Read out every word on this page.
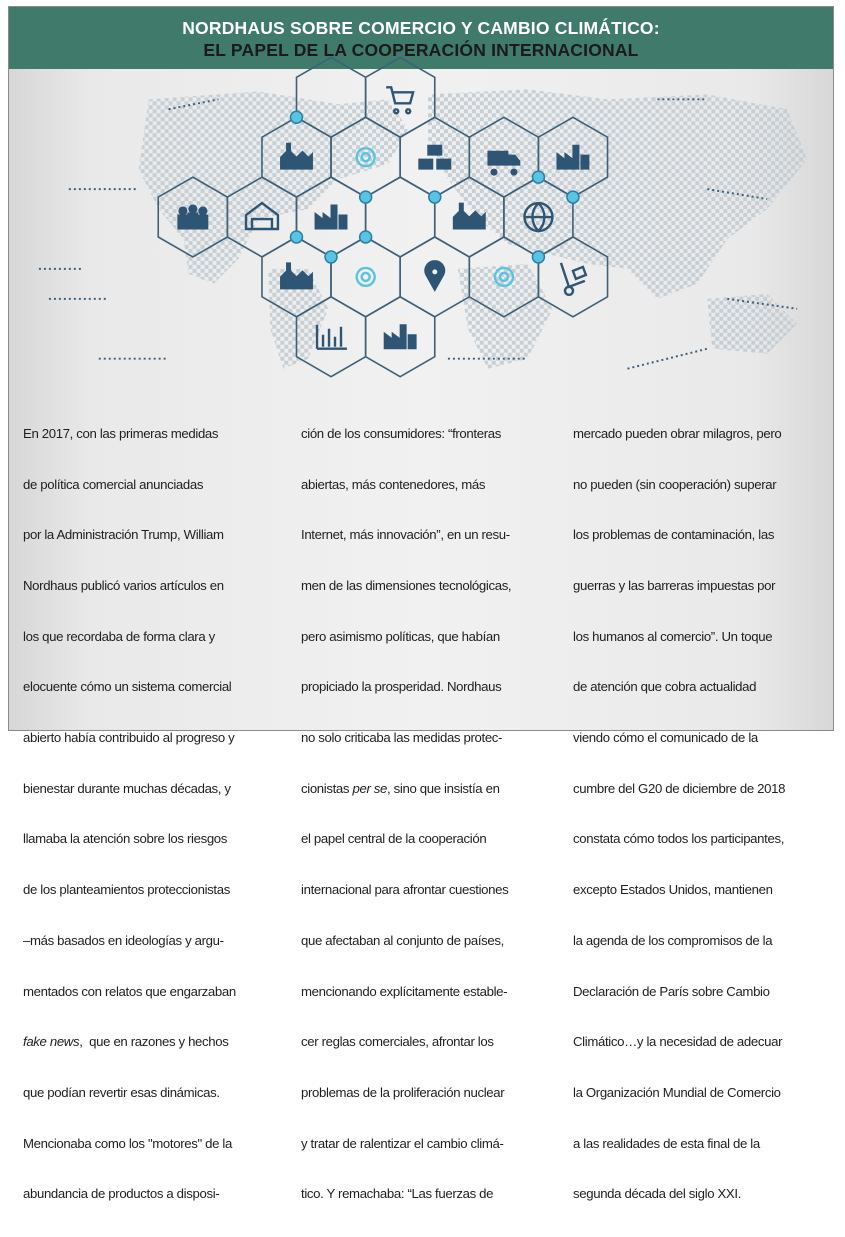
NORDHAUS SOBRE COMERCIO Y CAMBIO CLIMÁTICO:
EL PAPEL DE LA COOPERACIÓN INTERNACIONAL

En 2017, con las primeras medidas

de política comercial anunciadas

por la Administración Trump, William

Nordhaus publicó varios artículos en

los que recordaba de forma clara y

elocuente cómo un sistema comercial

abierto había contribuido al progreso y

bienestar durante muchas décadas, y

llamaba la atención sobre los riesgos

de los planteamientos proteccionistas

–más basados en ideologías y argu-

mentados con relatos que engarzaban

fake news,  que en razones y hechos

que podían revertir esas dinámicas.

Mencionaba como los "motores" de la

abundancia de productos a disposi-

ción de los consumidores: “fronteras

abiertas, más contenedores, más

Internet, más innovación”, en un resu-

men de las dimensiones tecnológicas,

pero asimismo políticas, que habían

propiciado la prosperidad. Nordhaus

no solo criticaba las medidas protec-

cionistas per se, sino que insistía en

el papel central de la cooperación

internacional para afrontar cuestiones

que afectaban al conjunto de países,

mencionando explícitamente estable-

cer reglas comerciales, afrontar los

problemas de la proliferación nuclear

y tratar de ralentizar el cambio climá-

tico. Y remachaba: “Las fuerzas de

mercado pueden obrar milagros, pero

no pueden (sin cooperación) superar

los problemas de contaminación, las

guerras y las barreras impuestas por

los humanos al comercio”. Un toque

de atención que cobra actualidad

viendo cómo el comunicado de la

cumbre del G20 de diciembre de 2018

constata cómo todos los participantes,

excepto Estados Unidos, mantienen

la agenda de los compromisos de la

Declaración de París sobre Cambio

Climático…y la necesidad de adecuar

la Organización Mundial de Comercio

a las realidades de esta final de la

segunda década del siglo XXI.
